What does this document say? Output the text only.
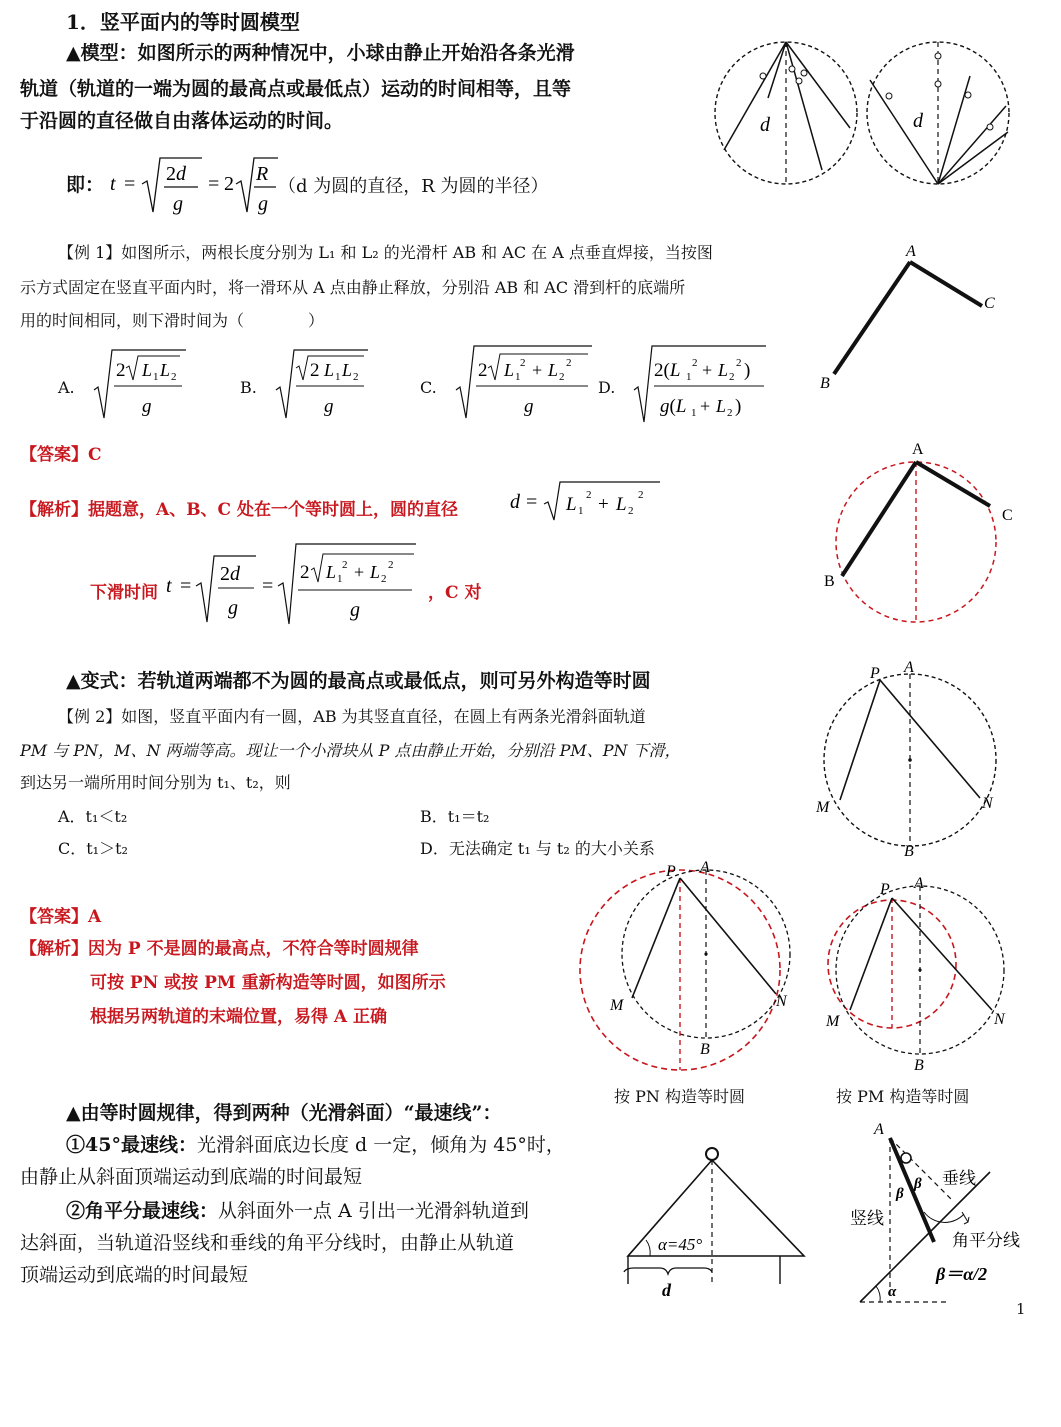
1．竖平面内的等时圆模型
▲模型：如图所示的两种情况中，小球由静止开始沿各条光滑
轨道（轨道的一端为圆的最高点或最低点）运动的时间相等，且等
于沿圆的直径做自由落体运动的时间。
即： t = 2d
g
= 2 R
g
（d 为圆的直径，R 为圆的半径）
d	d
【例 1】如图所示，两根长度分别为 L₁ 和 L₂ 的光滑杆 AB 和 AC 在 A 点垂直焊接，当按图
示方式固定在竖直平面内时，将一滑环从 A 点由静止释放，分别沿 AB 和 AC 滑到杆的底端所
用的时间相同，则下滑时间为（　　　　）
A.
2 L 1 L 2
g
B.
2 L 1 L 2
g
C.
2 L 1
2 + L 2
2
g
D.
2(L 1
2 + L 2
2 )
g(L 1 + L 2 )
A
B
C
【答案】C
【解析】据题意，A、B、C 处在一个等时圆上，圆的直径	d = L 1
2 + L 2
2
下滑时间 t =
2d
g
=
2 L 1
2 + L 2
2
g
，C 对
A
B
C
▲变式：若轨道两端都不为圆的最高点或最低点，则可另外构造等时圆
【例 2】如图，竖直平面内有一圆，AB 为其竖直直径，在圆上有两条光滑斜面轨道
PM 与 PN，M、N 两端等高。现让一个小滑块从 P 点由静止开始，分别沿 PM、PN 下滑，
到达另一端所用时间分别为 t₁、t₂，则
A．t₁＜t₂	B．t₁＝t₂
C．t₁＞t₂	D．无法确定 t₁ 与 t₂ 的大小关系
P A
M	N
B
【答案】A
【解析】因为 P 不是圆的最高点，不符合等时圆规律
可按 PN 或按 PM 重新构造等时圆，如图所示
根据另两轨道的末端位置，易得 A 正确
P A
M	N
B
按 PN 构造等时圆
P A
M	N
B
按 PM 构造等时圆
▲由等时圆规律，得到两种（光滑斜面）“最速线”：
①45°最速线：光滑斜面底边长度 d 一定，倾角为 45°时，
由静止从斜面顶端运动到底端的时间最短
②角平分最速线：从斜面外一点 A 引出一光滑斜轨道到
达斜面，当轨道沿竖线和垂线的角平分线时，由静止从轨道
顶端运动到底端的时间最短
α=45°
d
A
β
β
竖线
垂线
角平分线
α
β＝α/2
1
